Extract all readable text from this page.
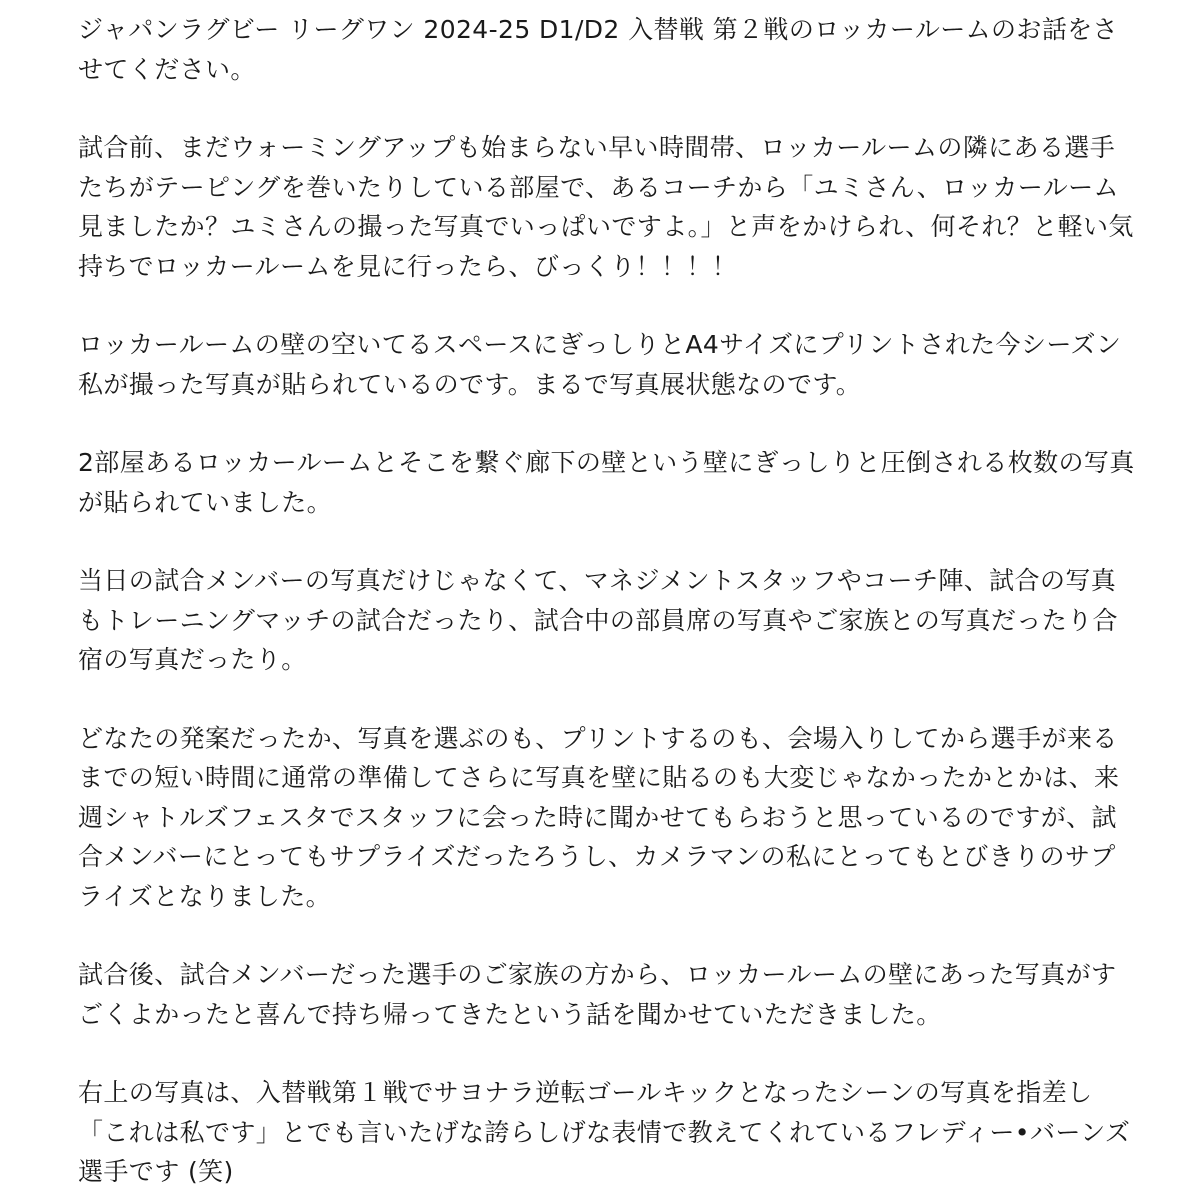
ジャパンラグビー リーグワン 2024-25 D1/D2 入替戦 第２戦のロッカールームのお話をさせてください。

試合前、まだウォーミングアップも始まらない早い時間帯、ロッカールームの隣にある選手たちがテーピングを巻いたりしている部屋で、あるコーチから「ユミさん、ロッカールーム見ましたか？ユミさんの撮った写真でいっぱいですよ。」と声をかけられ、何それ？と軽い気持ちでロッカールームを見に行ったら、びっくり！！！！

ロッカールームの壁の空いてるスペースにぎっしりとA4サイズにプリントされた今シーズン私が撮った写真が貼られているのです。まるで写真展状態なのです。

2部屋あるロッカールームとそこを繋ぐ廊下の壁という壁にぎっしりと圧倒される枚数の写真が貼られていました。

当日の試合メンバーの写真だけじゃなくて、マネジメントスタッフやコーチ陣、試合の写真もトレーニングマッチの試合だったり、試合中の部員席の写真やご家族との写真だったり合宿の写真だったり。

どなたの発案だったか、写真を選ぶのも、プリントするのも、会場入りしてから選手が来るまでの短い時間に通常の準備してさらに写真を壁に貼るのも大変じゃなかったかとかは、来週シャトルズフェスタでスタッフに会った時に聞かせてもらおうと思っているのですが、試合メンバーにとってもサプライズだったろうし、カメラマンの私にとってもとびきりのサプライズとなりました。

試合後、試合メンバーだった選手のご家族の方から、ロッカールームの壁にあった写真がすごくよかったと喜んで持ち帰ってきたという話を聞かせていただきました。

右上の写真は、入替戦第１戦でサヨナラ逆転ゴールキックとなったシーンの写真を指差し「これは私です」とでも言いたげな誇らしげな表情で教えてくれているフレディー•バーンズ選手です (笑)
